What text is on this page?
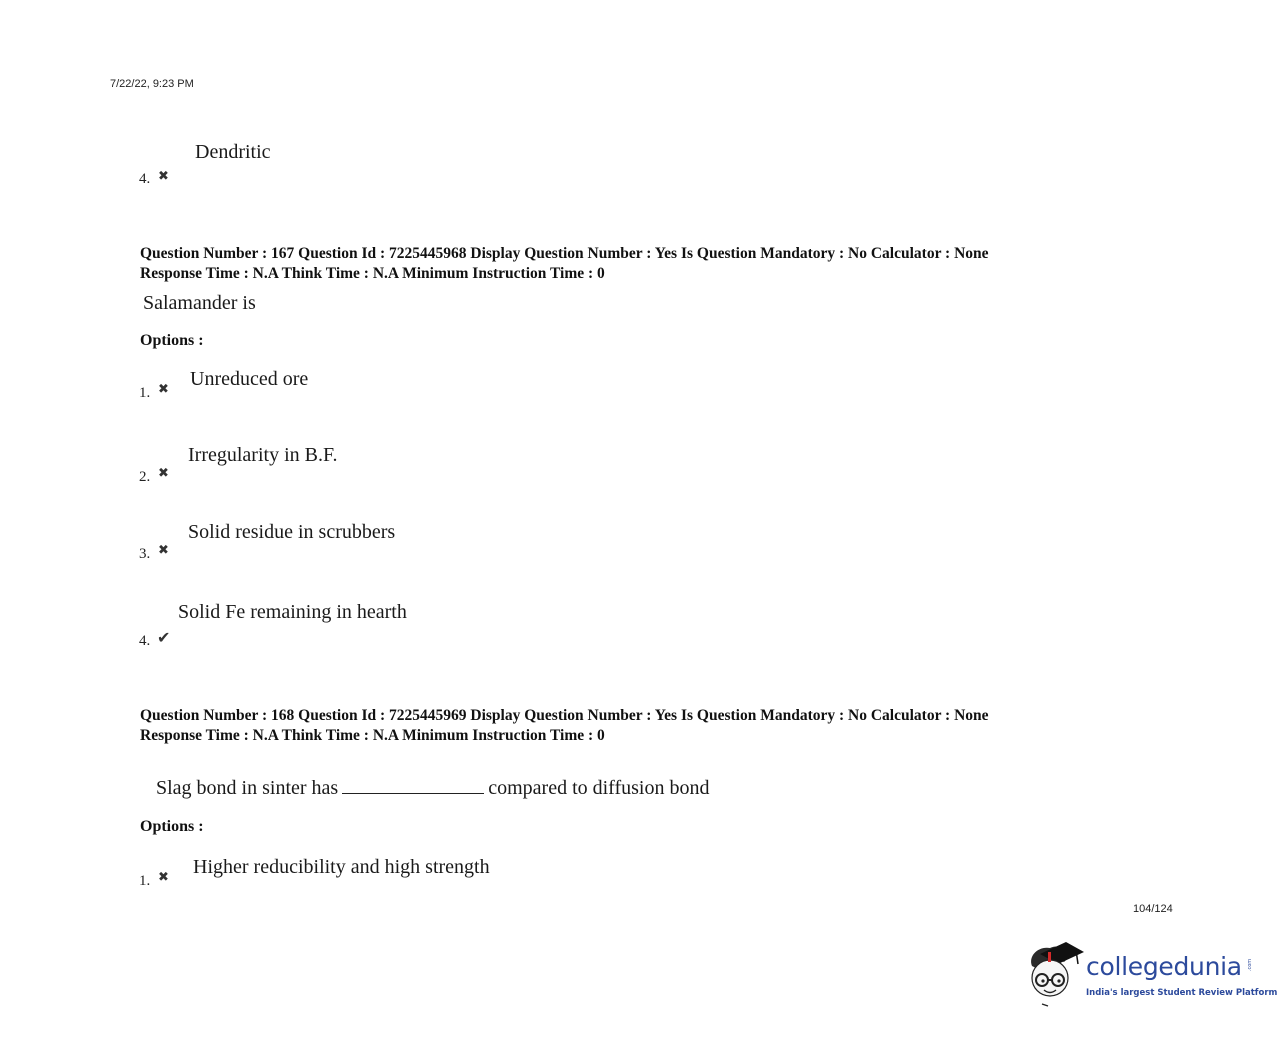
7/22/22, 9:23 PM
Dendritic
4. ✖
Question Number : 167 Question Id : 7225445968 Display Question Number : Yes Is Question Mandatory : No Calculator : None
Response Time : N.A Think Time : N.A Minimum Instruction Time : 0
Salamander is
Options :
Unreduced ore
1. ✖
Irregularity in B.F.
2. ✖
Solid residue in scrubbers
3. ✖
Solid Fe remaining in hearth
4. ✔
Question Number : 168 Question Id : 7225445969 Display Question Number : Yes Is Question Mandatory : No Calculator : None
Response Time : N.A Think Time : N.A Minimum Instruction Time : 0
Slag bond in sinter has	compared to diffusion bond
Options :
Higher reducibility and high strength
1. ✖
104/124
collegedunia .com
India's largest Student Review Platform
